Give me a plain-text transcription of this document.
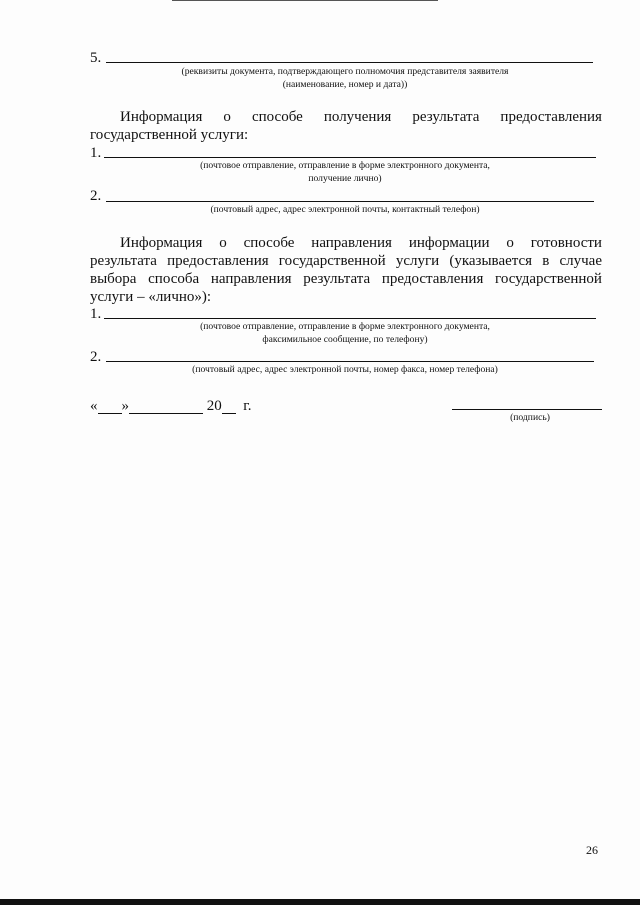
5.
(реквизиты документа, подтверждающего полномочия представителя заявителя
(наименование, номер и дата))
Информация о способе получения результата предоставления
государственной услуги:
1.
(почтовое отправление, отправление в форме электронного документа,
получение лично)
2.
(почтовый адрес, адрес электронной почты, контактный телефон)
Информация о способе направления информации о готовности
результата предоставления государственной услуги (указывается в случае
выбора способа направления результата предоставления государственной
услуги – «лично»):
1.
(почтовое отправление, отправление в форме электронного документа,
факсимильное сообщение, по телефону)
2.
(почтовый адрес, адрес электронной почты, номер факса, номер телефона)
« »	20 г.
(подпись)
26
